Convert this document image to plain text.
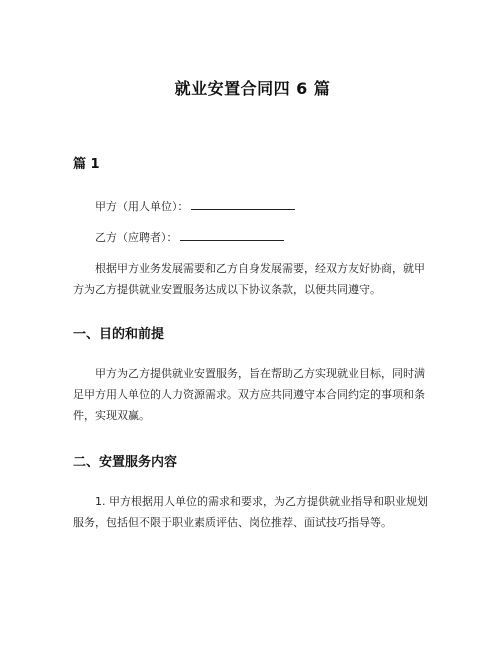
就业安置合同四 6 篇
篇 1

甲方（用人单位）：

乙方（应聘者）：

根据甲方业务发展需要和乙方自身发展需要，经双方友好协商，就甲方为乙方提供就业安置服务达成以下协议条款，以便共同遵守。

一、目的和前提

甲方为乙方提供就业安置服务，旨在帮助乙方实现就业目标，同时满足甲方用人单位的人力资源需求。双方应共同遵守本合同约定的事项和条件，实现双赢。

二、安置服务内容

1. 甲方根据用人单位的需求和要求，为乙方提供就业指导和职业规划服务，包括但不限于职业素质评估、岗位推荐、面试技巧指导等。
